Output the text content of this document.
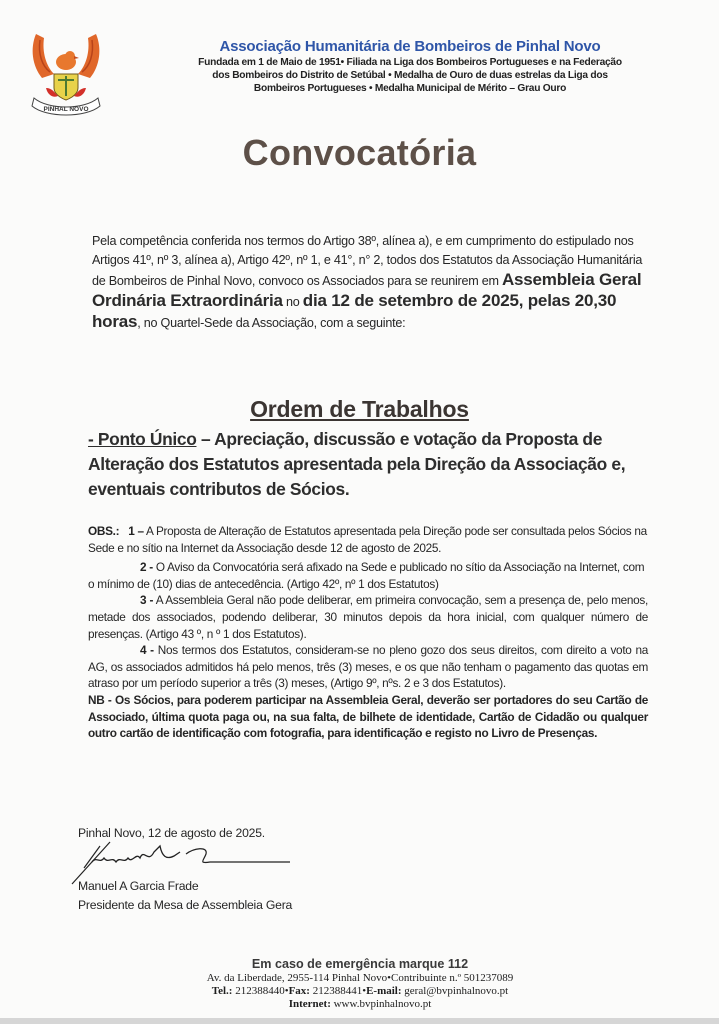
PINHAL NOVO
Associação Humanitária de Bombeiros de Pinhal Novo
Fundada em 1 de Maio de 1951• Filiada na Liga dos Bombeiros Portugueses e na Federação
dos Bombeiros do Distrito de Setúbal • Medalha de Ouro de duas estrelas da Liga dos
Bombeiros Portugueses • Medalha Municipal de Mérito – Grau Ouro
Convocatória
Pela competência conferida nos termos do Artigo 38º, alínea a), e em cumprimento do estipulado nos Artigos 41º, nº 3, alínea a), Artigo 42º, nº 1, e 41°, n° 2, todos dos Estatutos da Associação Humanitária de Bombeiros de Pinhal Novo, convoco os Associados para se reunirem em Assembleia Geral Ordinária Extraordinária no dia 12 de setembro de 2025, pelas 20,30 horas, no Quartel-Sede da Associação, com a seguinte:
Ordem de Trabalhos
- Ponto Único – Apreciação, discussão e votação da Proposta de Alteração dos Estatutos apresentada pela Direção da Associação e, eventuais contributos de Sócios.

OBS.: 1 – A Proposta de Alteração de Estatutos apresentada pela Direção pode ser consultada pelos Sócios na Sede e no sítio na Internet da Associação desde 12 de agosto de 2025.

2 - O Aviso da Convocatória será afixado na Sede e publicado no sítio da Associação na Internet, com o mínimo de (10) dias de antecedência. (Artigo 42º, nº 1 dos Estatutos)

3 - A Assembleia Geral não pode deliberar, em primeira convocação, sem a presença de, pelo menos, metade dos associados, podendo deliberar, 30 minutos depois da hora inicial, com qualquer número de presenças. (Artigo 43 º, n º 1 dos Estatutos).

4 - Nos termos dos Estatutos, consideram-se no pleno gozo dos seus direitos, com direito a voto na AG, os associados admitidos há pelo menos, três (3) meses, e os que não tenham o pagamento das quotas em atraso por um período superior a três (3) meses, (Artigo 9º, nºs. 2 e 3 dos Estatutos).

NB - Os Sócios, para poderem participar na Assembleia Geral, deverão ser portadores do seu Cartão de Associado, última quota paga ou, na sua falta, de bilhete de identidade, Cartão de Cidadão ou qualquer outro cartão de identificação com fotografia, para identificação e registo no Livro de Presenças.

Pinhal Novo, 12 de agosto de 2025.
Manuel A Garcia Frade
Presidente da Mesa de Assembleia Gera
Em caso de emergência marque 112
Av. da Liberdade, 2955-114 Pinhal Novo•Contribuinte n.º 501237089
Tel.: 212388440•Fax: 212388441•E-mail: geral@bvpinhalnovo.pt
Internet: www.bvpinhalnovo.pt
